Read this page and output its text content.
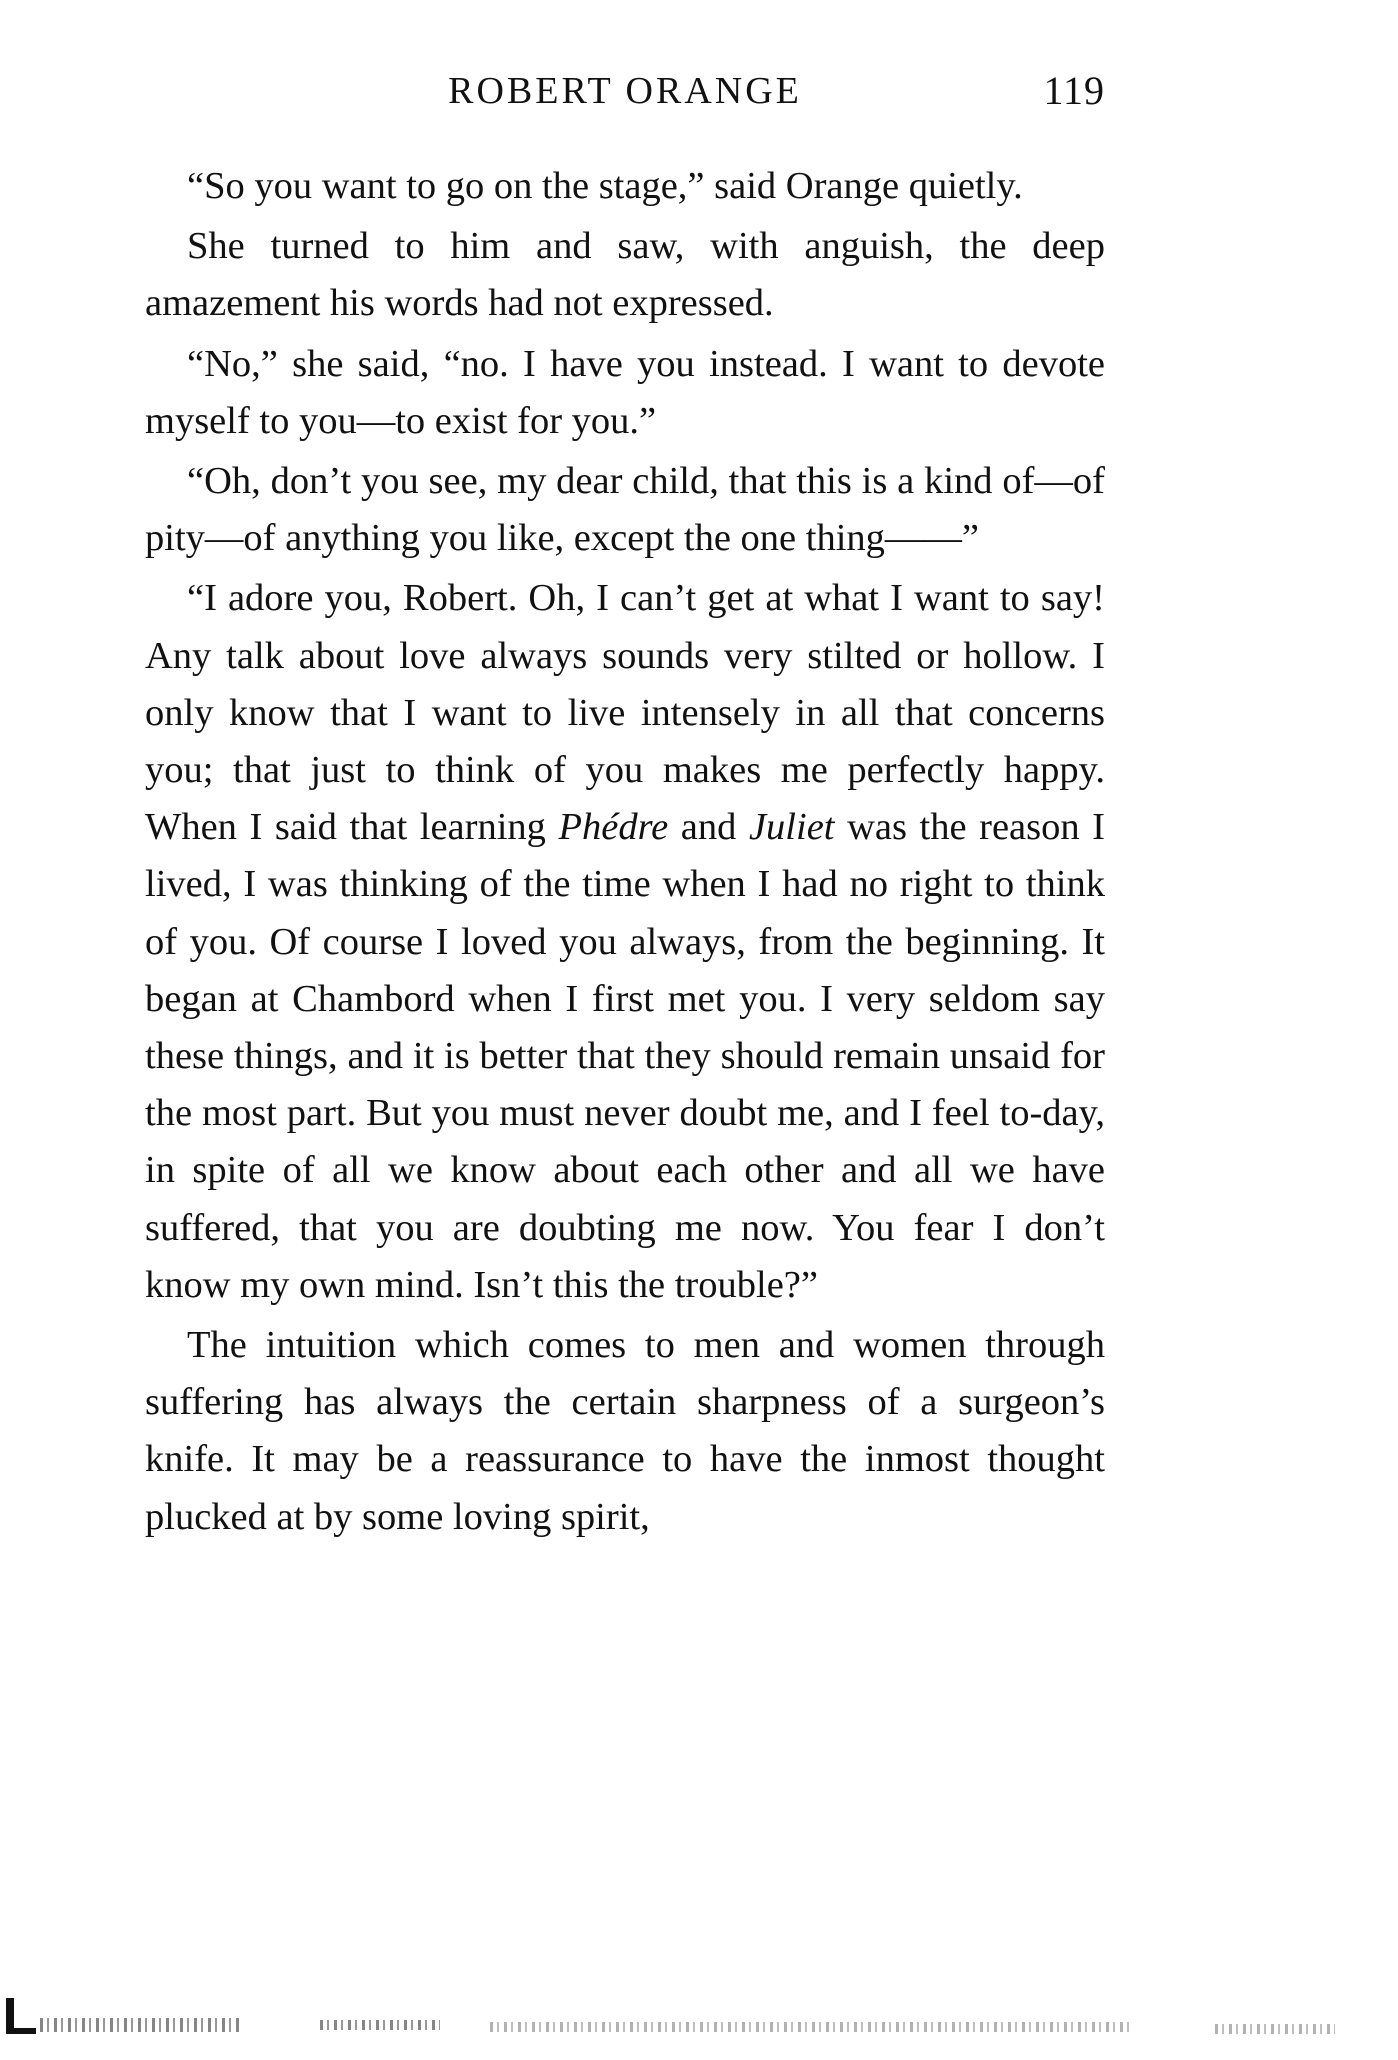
ROBERT ORANGE	119

“So you want to go on the stage,” said Orange quietly.

She turned to him and saw, with anguish, the deep amazement his words had not expressed.

“No,” she said, “no. I have you instead. I want to devote myself to you—to exist for you.”

“Oh, don’t you see, my dear child, that this is a kind of—of pity—of anything you like, except the one thing——”

“I adore you, Robert. Oh, I can’t get at what I want to say! Any talk about love always sounds very stilted or hollow. I only know that I want to live intensely in all that concerns you; that just to think of you makes me perfectly happy. When I said that learning Phédre and Juliet was the reason I lived, I was thinking of the time when I had no right to think of you. Of course I loved you always, from the beginning. It began at Chambord when I first met you. I very seldom say these things, and it is better that they should remain unsaid for the most part. But you must never doubt me, and I feel to-day, in spite of all we know about each other and all we have suffered, that you are doubting me now. You fear I don’t know my own mind. Isn’t this the trouble?”

The intuition which comes to men and women through suffering has always the certain sharpness of a surgeon’s knife. It may be a reassurance to have the inmost thought plucked at by some loving spirit,
